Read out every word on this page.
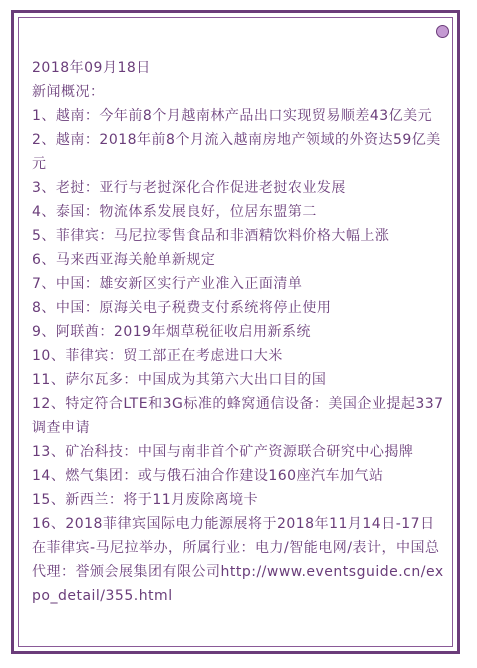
2018年09月18日
新闻概况：
1、越南：今年前8个月越南林产品出口实现贸易顺差43亿美元
2、越南：2018年前8个月流入越南房地产领域的外资达59亿美元
3、老挝：亚行与老挝深化合作促进老挝农业发展
4、泰国：物流体系发展良好，位居东盟第二
5、菲律宾：马尼拉零售食品和非酒精饮料价格大幅上涨
6、马来西亚海关舱单新规定
7、中国：雄安新区实行产业准入正面清单
8、中国：原海关电子税费支付系统将停止使用
9、阿联酋：2019年烟草税征收启用新系统
10、菲律宾：贸工部正在考虑进口大米
11、萨尔瓦多：中国成为其第六大出口目的国
12、特定符合LTE和3G标准的蜂窝通信设备：美国企业提起337调查申请
13、矿冶科技：中国与南非首个矿产资源联合研究中心揭牌
14、燃气集团：或与俄石油合作建设160座汽车加气站
15、新西兰：将于11月废除离境卡
16、2018菲律宾国际电力能源展将于2018年11月14日-17日在菲律宾-马尼拉举办，所属行业：电力/智能电网/表计，中国总代理：誉颁会展集团有限公司http://www.eventsguide.cn/expo_detail/355.html
